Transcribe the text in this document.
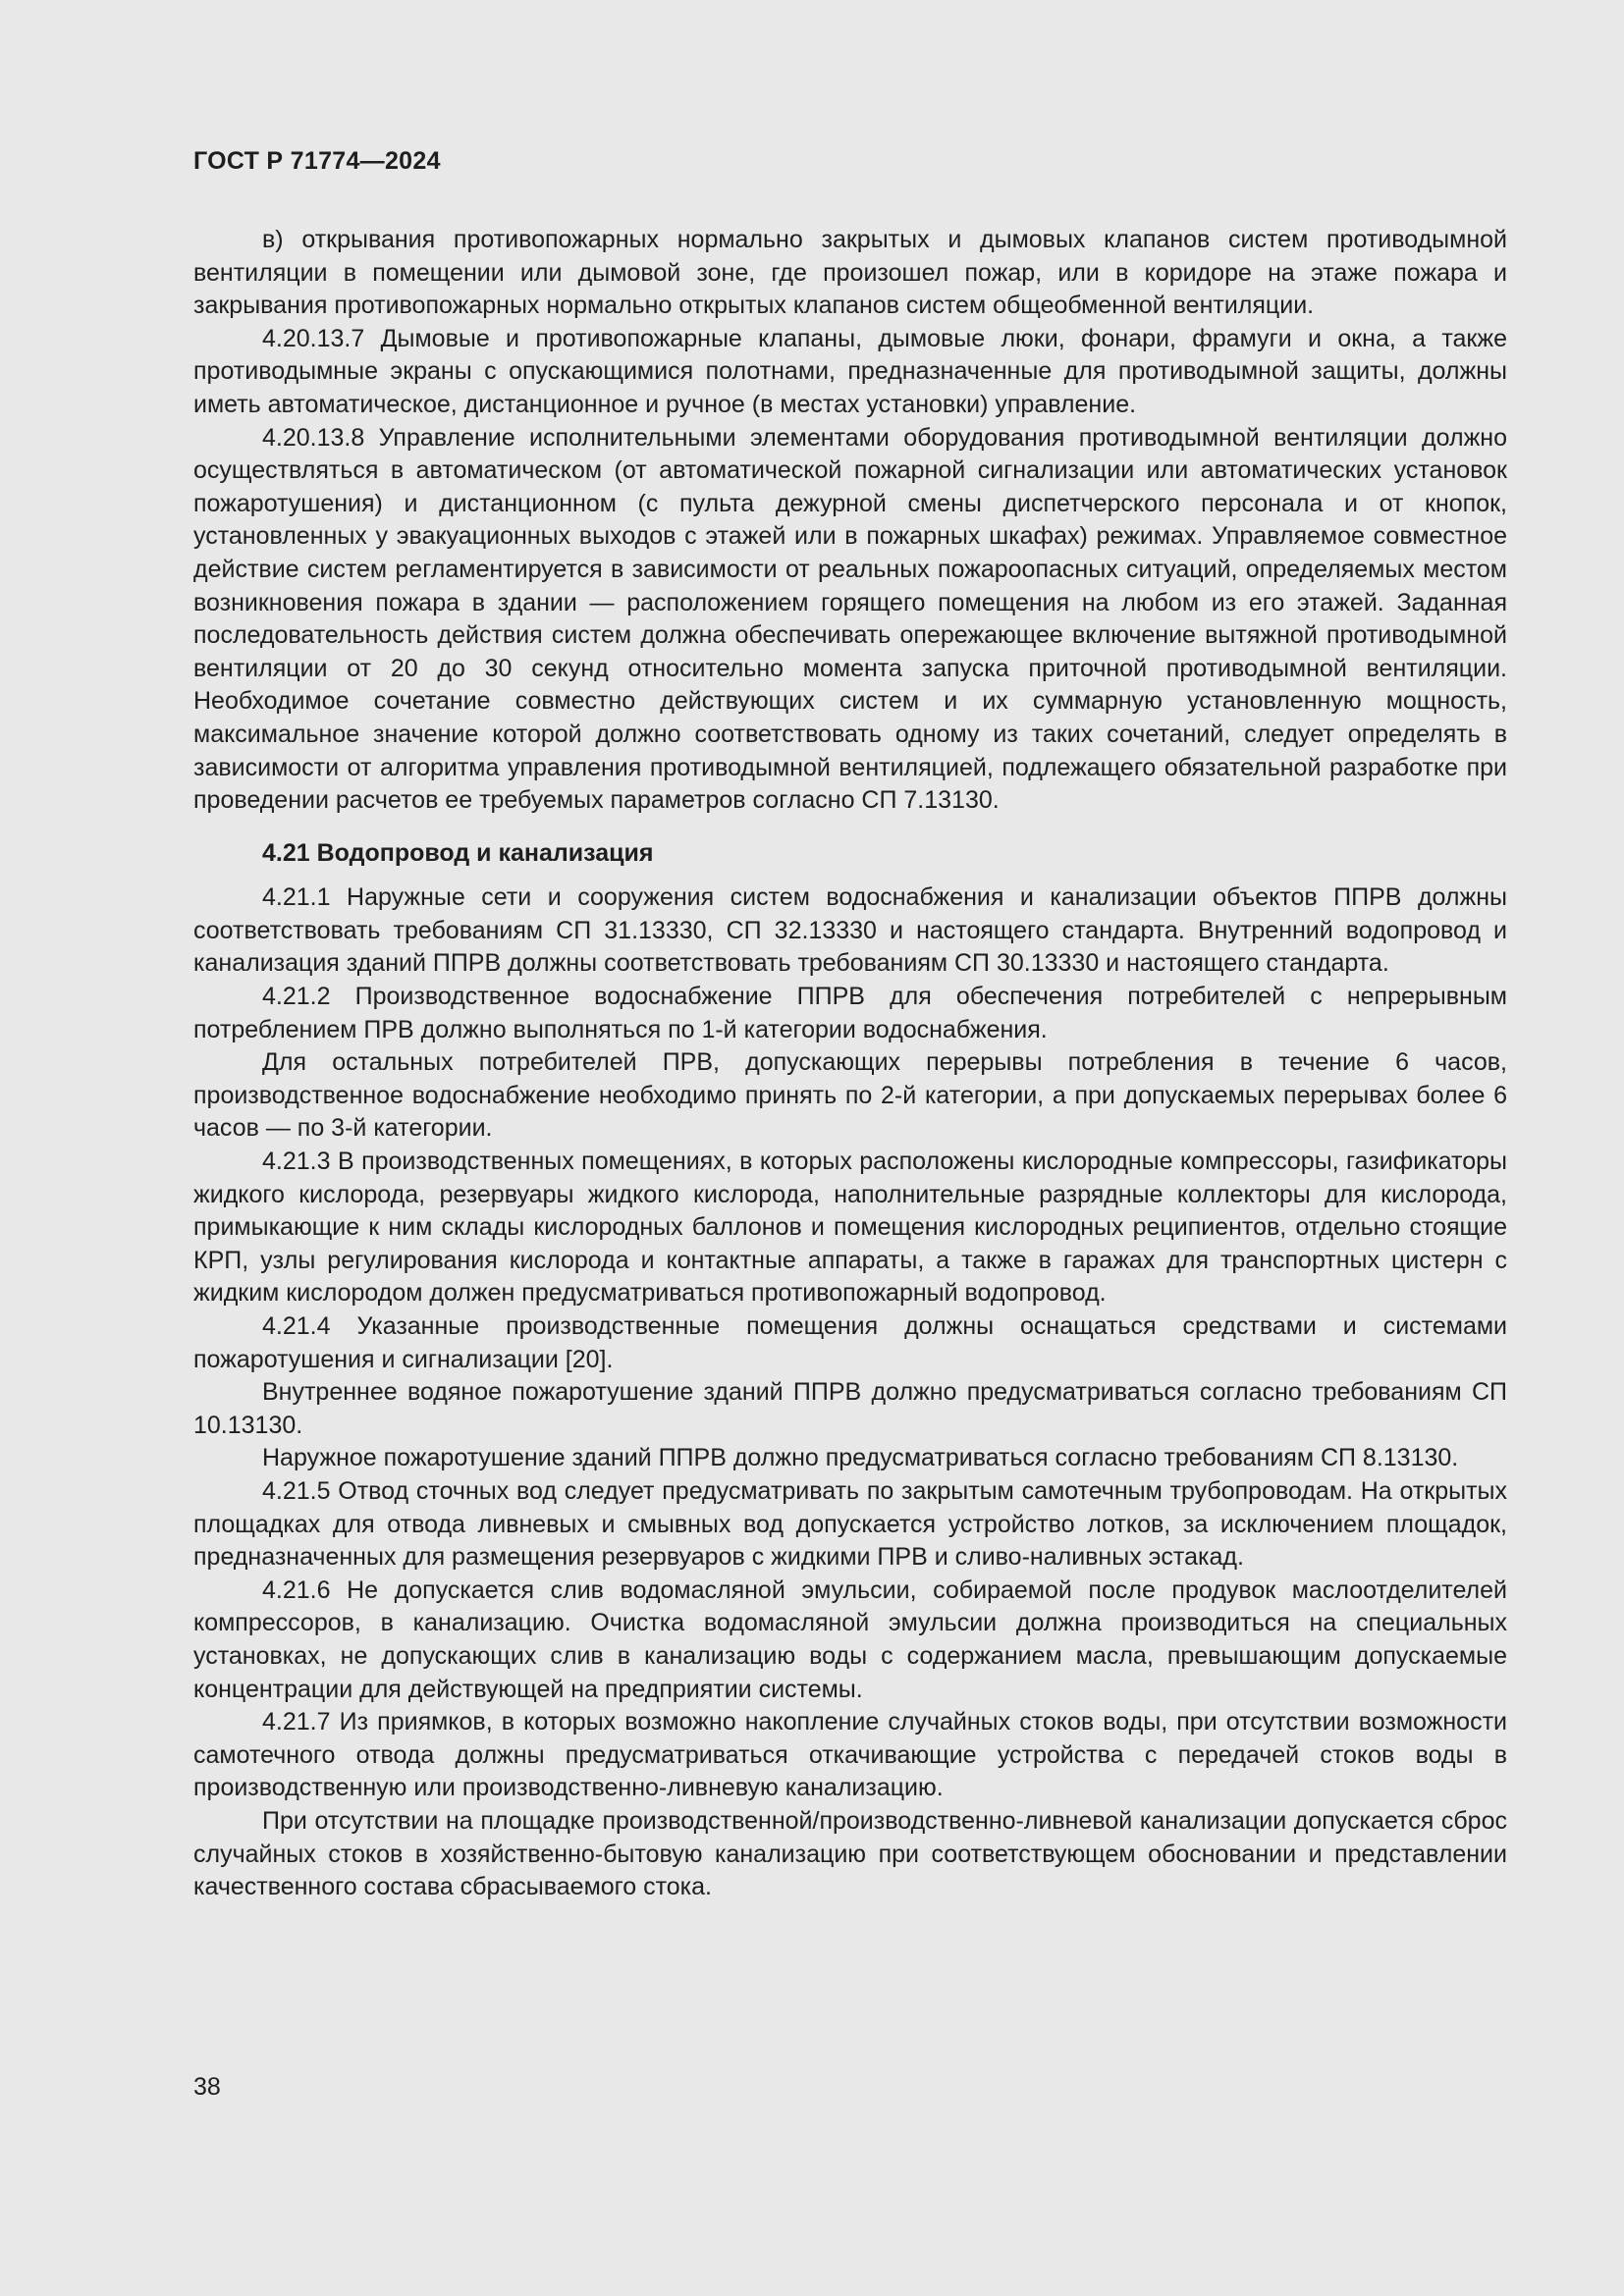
ГОСТ Р 71774—2024

в) открывания противопожарных нормально закрытых и дымовых клапанов систем противодымной вентиляции в помещении или дымовой зоне, где произошел пожар, или в коридоре на этаже пожара и закрывания противопожарных нормально открытых клапанов систем общеобменной вентиляции.

4.20.13.7 Дымовые и противопожарные клапаны, дымовые люки, фонари, фрамуги и окна, а также противодымные экраны с опускающимися полотнами, предназначенные для противодымной защиты, должны иметь автоматическое, дистанционное и ручное (в местах установки) управление.

4.20.13.8 Управление исполнительными элементами оборудования противодымной вентиляции должно осуществляться в автоматическом (от автоматической пожарной сигнализации или автоматических установок пожаротушения) и дистанционном (с пульта дежурной смены диспетчерского персонала и от кнопок, установленных у эвакуационных выходов с этажей или в пожарных шкафах) режимах. Управляемое совместное действие систем регламентируется в зависимости от реальных пожароопасных ситуаций, определяемых местом возникновения пожара в здании — расположением горящего помещения на любом из его этажей. Заданная последовательность действия систем должна обеспечивать опережающее включение вытяжной противодымной вентиляции от 20 до 30 секунд относительно момента запуска приточной противодымной вентиляции. Необходимое сочетание совместно действующих систем и их суммарную установленную мощность, максимальное значение которой должно соответствовать одному из таких сочетаний, следует определять в зависимости от алгоритма управления противодымной вентиляцией, подлежащего обязательной разработке при проведении расчетов ее требуемых параметров согласно СП 7.13130.

4.21 Водопровод и канализация

4.21.1 Наружные сети и сооружения систем водоснабжения и канализации объектов ППРВ должны соответствовать требованиям СП 31.13330, СП 32.13330 и настоящего стандарта. Внутренний водопровод и канализация зданий ППРВ должны соответствовать требованиям СП 30.13330 и настоящего стандарта.

4.21.2 Производственное водоснабжение ППРВ для обеспечения потребителей с непрерывным потреблением ПРВ должно выполняться по 1-й категории водоснабжения.

Для остальных потребителей ПРВ, допускающих перерывы потребления в течение 6 часов, производственное водоснабжение необходимо принять по 2-й категории, а при допускаемых перерывах более 6 часов — по 3-й категории.

4.21.3 В производственных помещениях, в которых расположены кислородные компрессоры, газификаторы жидкого кислорода, резервуары жидкого кислорода, наполнительные разрядные коллекторы для кислорода, примыкающие к ним склады кислородных баллонов и помещения кислородных реципиентов, отдельно стоящие КРП, узлы регулирования кислорода и контактные аппараты, а также в гаражах для транспортных цистерн с жидким кислородом должен предусматриваться противопожарный водопровод.

4.21.4 Указанные производственные помещения должны оснащаться средствами и системами пожаротушения и сигнализации [20].

Внутреннее водяное пожаротушение зданий ППРВ должно предусматриваться согласно требованиям СП 10.13130.

Наружное пожаротушение зданий ППРВ должно предусматриваться согласно требованиям СП 8.13130.

4.21.5 Отвод сточных вод следует предусматривать по закрытым самотечным трубопроводам. На открытых площадках для отвода ливневых и смывных вод допускается устройство лотков, за исключением площадок, предназначенных для размещения резервуаров с жидкими ПРВ и сливо-наливных эстакад.

4.21.6 Не допускается слив водомасляной эмульсии, собираемой после продувок маслоотделителей компрессоров, в канализацию. Очистка водомасляной эмульсии должна производиться на специальных установках, не допускающих слив в канализацию воды с содержанием масла, превышающим допускаемые концентрации для действующей на предприятии системы.

4.21.7 Из приямков, в которых возможно накопление случайных стоков воды, при отсутствии возможности самотечного отвода должны предусматриваться откачивающие устройства с передачей стоков воды в производственную или производственно-ливневую канализацию.

При отсутствии на площадке производственной/производственно-ливневой канализации допускается сброс случайных стоков в хозяйственно-бытовую канализацию при соответствующем обосновании и представлении качественного состава сбрасываемого стока.

38
